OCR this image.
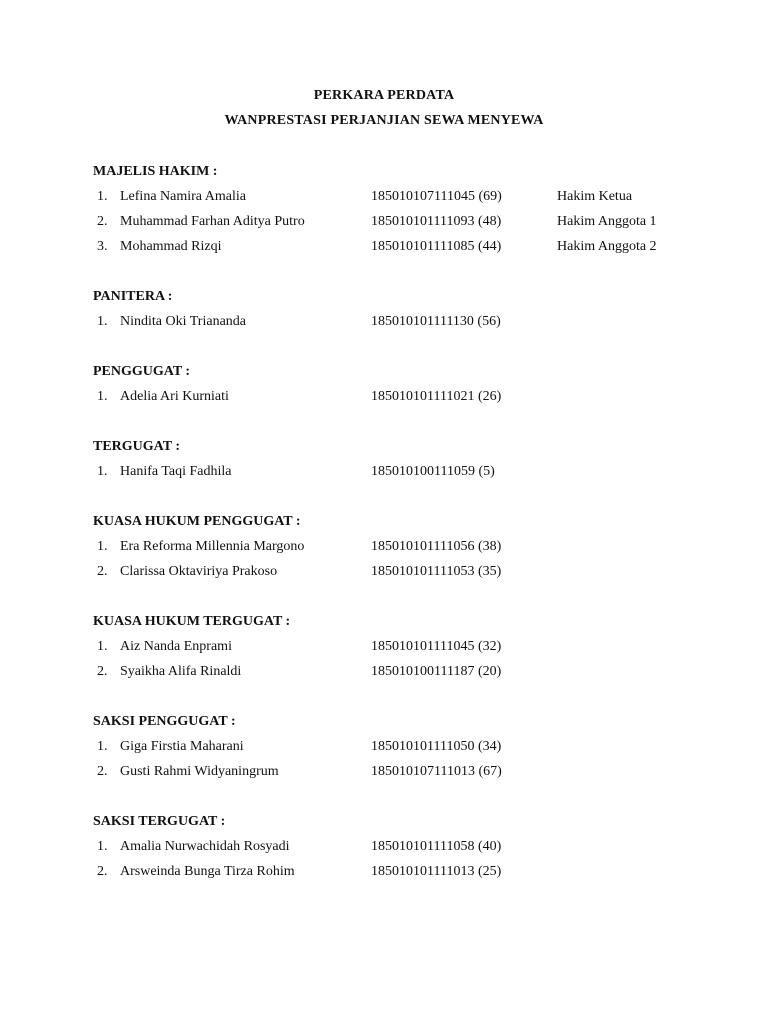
PERKARA PERDATA
WANPRESTASI PERJANJIAN SEWA MENYEWA
MAJELIS HAKIM :
1. Lefina Namira Amalia	185010107111045 (69)	Hakim Ketua
2. Muhammad Farhan Aditya Putro	185010101111093 (48)	Hakim Anggota 1
3. Mohammad Rizqi	185010101111085 (44)	Hakim Anggota 2
PANITERA :
1. Nindita Oki Triananda	185010101111130 (56)
PENGGUGAT :
1. Adelia Ari Kurniati	185010101111021 (26)
TERGUGAT :
1. Hanifa Taqi Fadhila	185010100111059 (5)
KUASA HUKUM PENGGUGAT :
1. Era Reforma Millennia Margono	185010101111056 (38)
2. Clarissa Oktaviriya Prakoso	185010101111053 (35)
KUASA HUKUM TERGUGAT :
1. Aiz Nanda Enprami	185010101111045 (32)
2. Syaikha Alifa Rinaldi	185010100111187 (20)
SAKSI PENGGUGAT :
1. Giga Firstia Maharani	185010101111050 (34)
2. Gusti Rahmi Widyaningrum	185010107111013 (67)
SAKSI TERGUGAT :
1. Amalia Nurwachidah Rosyadi	185010101111058 (40)
2. Arsweinda Bunga Tirza Rohim	185010101111013 (25)
